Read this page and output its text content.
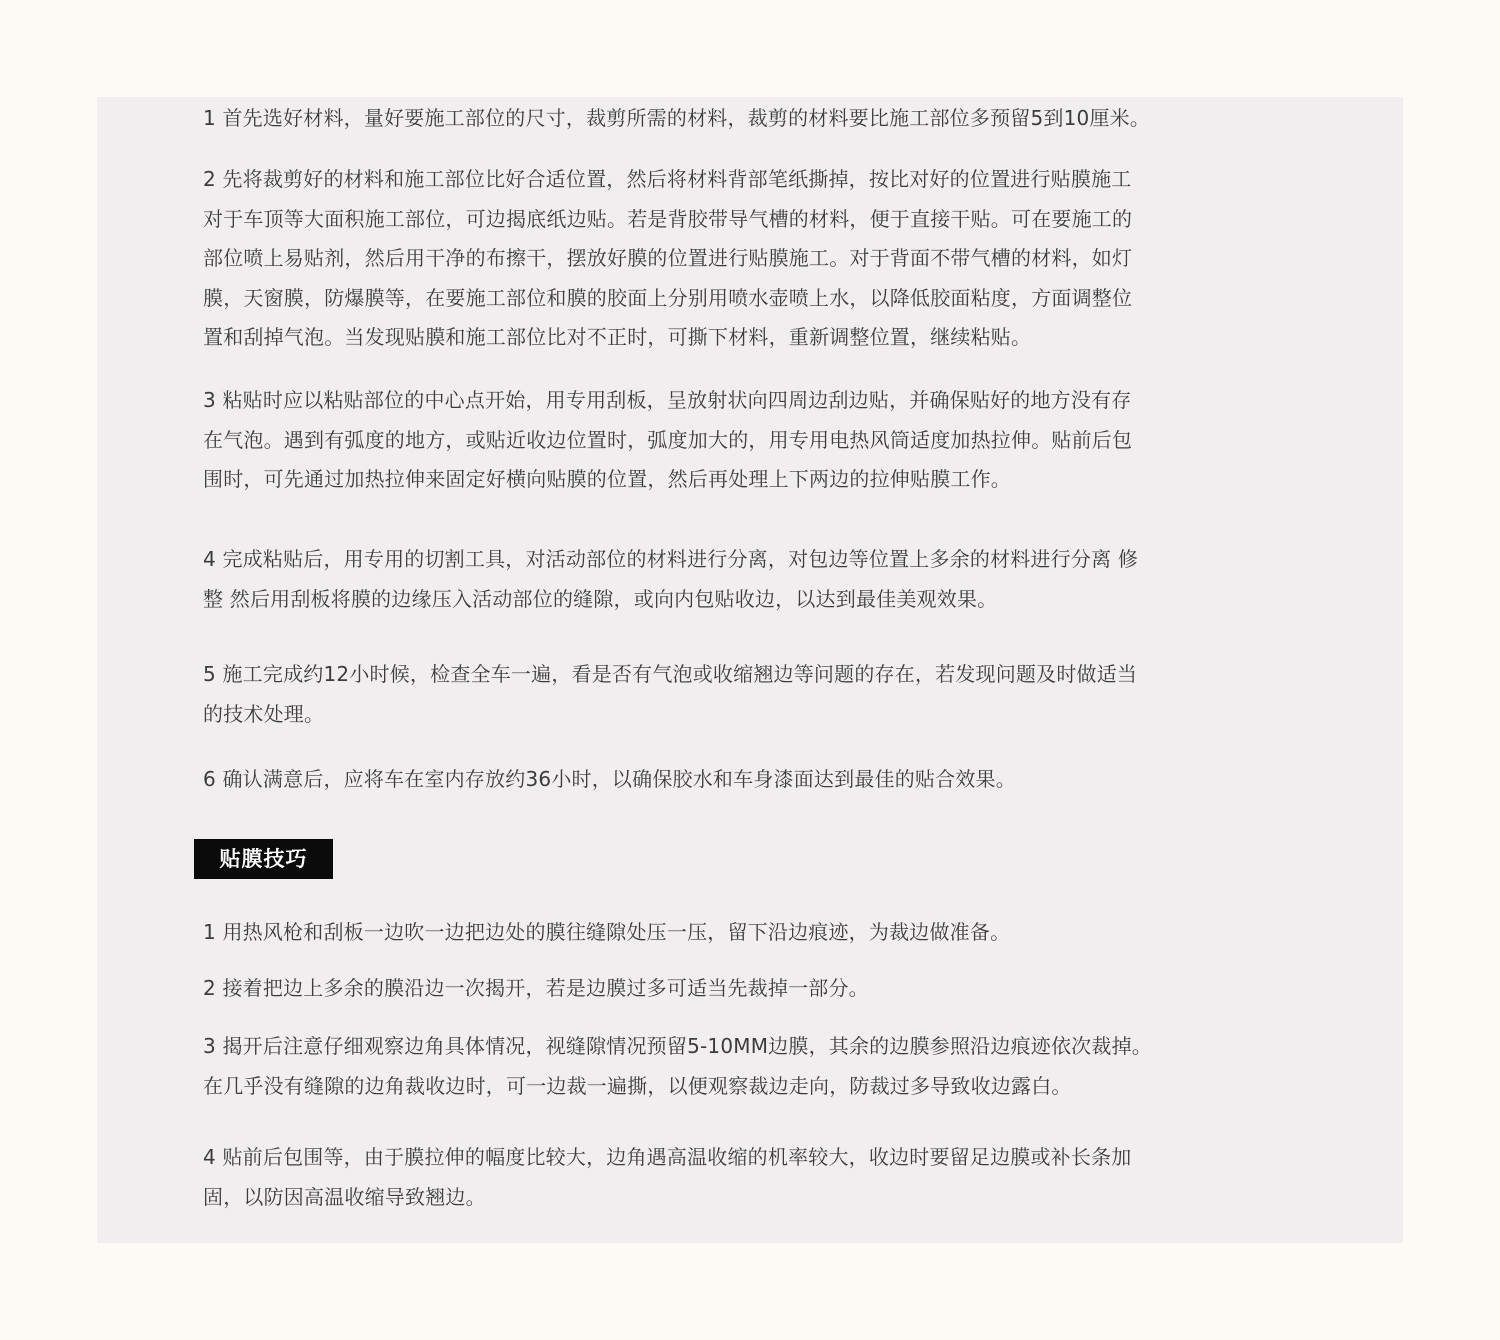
1 首先选好材料，量好要施工部位的尺寸，裁剪所需的材料，裁剪的材料要比施工部位多预留5到10厘米。

2 先将裁剪好的材料和施工部位比好合适位置，然后将材料背部笔纸撕掉，按比对好的位置进行贴膜施工
对于车顶等大面积施工部位，可边揭底纸边贴。若是背胶带导气槽的材料，便于直接干贴。可在要施工的
部位喷上易贴剂，然后用干净的布擦干，摆放好膜的位置进行贴膜施工。对于背面不带气槽的材料，如灯
膜，天窗膜，防爆膜等，在要施工部位和膜的胶面上分别用喷水壶喷上水，以降低胶面粘度，方面调整位
置和刮掉气泡。当发现贴膜和施工部位比对不正时，可撕下材料，重新调整位置，继续粘贴。

3 粘贴时应以粘贴部位的中心点开始，用专用刮板，呈放射状向四周边刮边贴，并确保贴好的地方没有存
在气泡。遇到有弧度的地方，或贴近收边位置时，弧度加大的，用专用电热风筒适度加热拉伸。贴前后包
围时，可先通过加热拉伸来固定好横向贴膜的位置，然后再处理上下两边的拉伸贴膜工作。

4 完成粘贴后，用专用的切割工具，对活动部位的材料进行分离，对包边等位置上多余的材料进行分离 修
整 然后用刮板将膜的边缘压入活动部位的缝隙，或向内包贴收边，以达到最佳美观效果。

5 施工完成约12小时候，检查全车一遍，看是否有气泡或收缩翘边等问题的存在，若发现问题及时做适当
的技术处理。

6 确认满意后，应将车在室内存放约36小时，以确保胶水和车身漆面达到最佳的贴合效果。

贴膜技巧

1 用热风枪和刮板一边吹一边把边处的膜往缝隙处压一压，留下沿边痕迹，为裁边做准备。

2 接着把边上多余的膜沿边一次揭开，若是边膜过多可适当先裁掉一部分。

3 揭开后注意仔细观察边角具体情况，视缝隙情况预留5-10MM边膜，其余的边膜参照沿边痕迹依次裁掉。
在几乎没有缝隙的边角裁收边时，可一边裁一遍撕，以便观察裁边走向，防裁过多导致收边露白。

4 贴前后包围等，由于膜拉伸的幅度比较大，边角遇高温收缩的机率较大，收边时要留足边膜或补长条加
固，以防因高温收缩导致翘边。
